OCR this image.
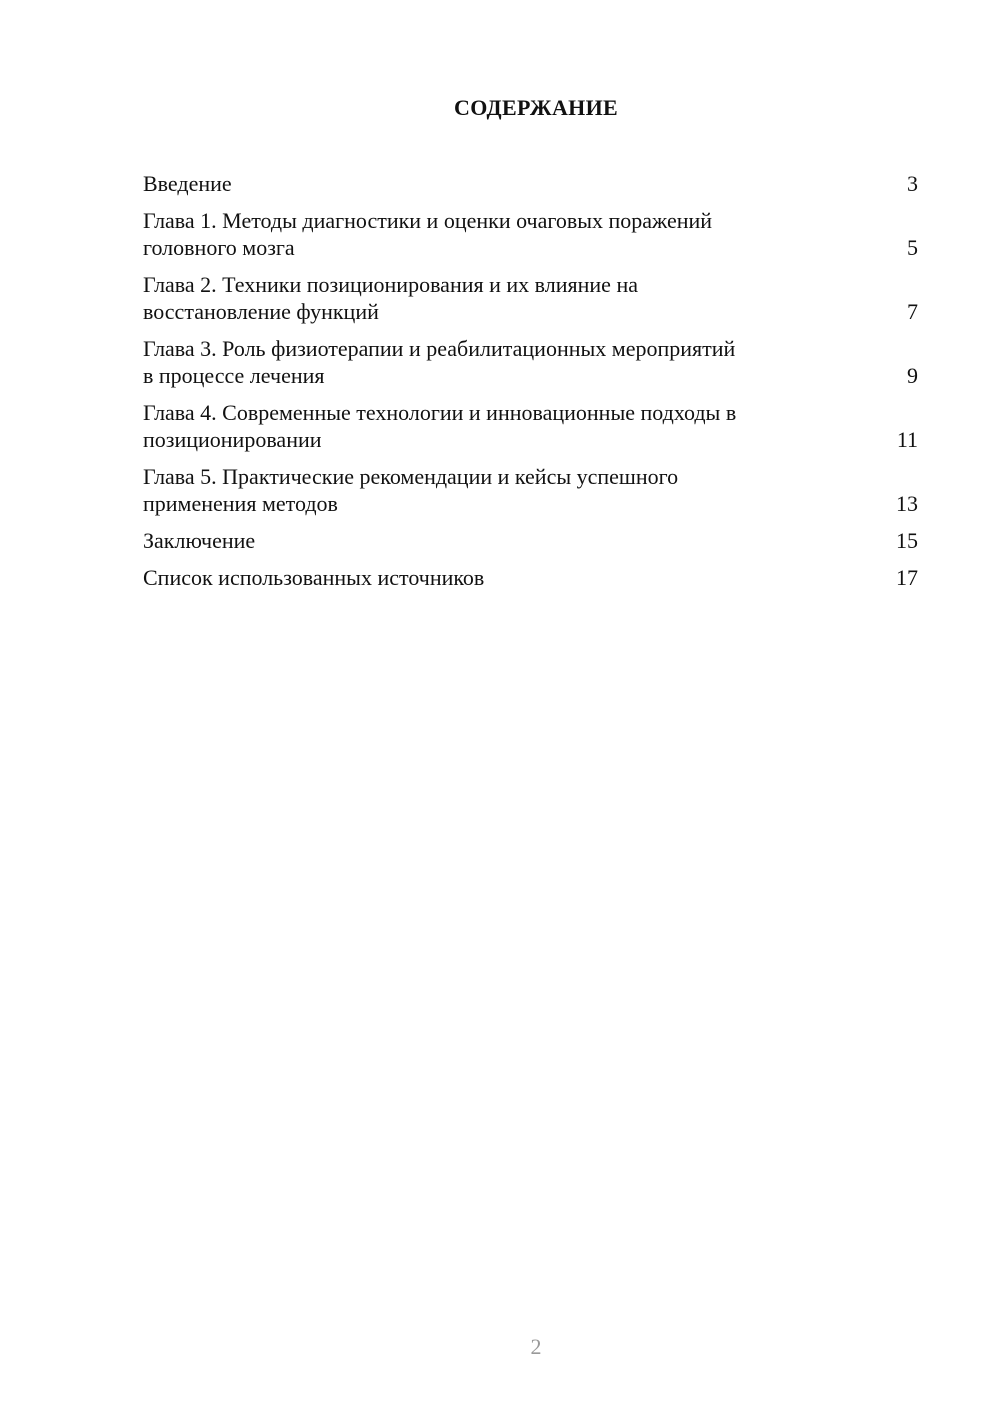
СОДЕРЖАНИЕ
Введение	3
Глава 1. Методы диагностики и оценки очаговых поражений
головного мозга	5
Глава 2. Техники позиционирования и их влияние на
восстановление функций	7
Глава 3. Роль физиотерапии и реабилитационных мероприятий
в процессе лечения	9
Глава 4. Современные технологии и инновационные подходы в
позиционировании	11
Глава 5. Практические рекомендации и кейсы успешного
применения методов	13
Заключение	15
Список использованных источников	17
2
